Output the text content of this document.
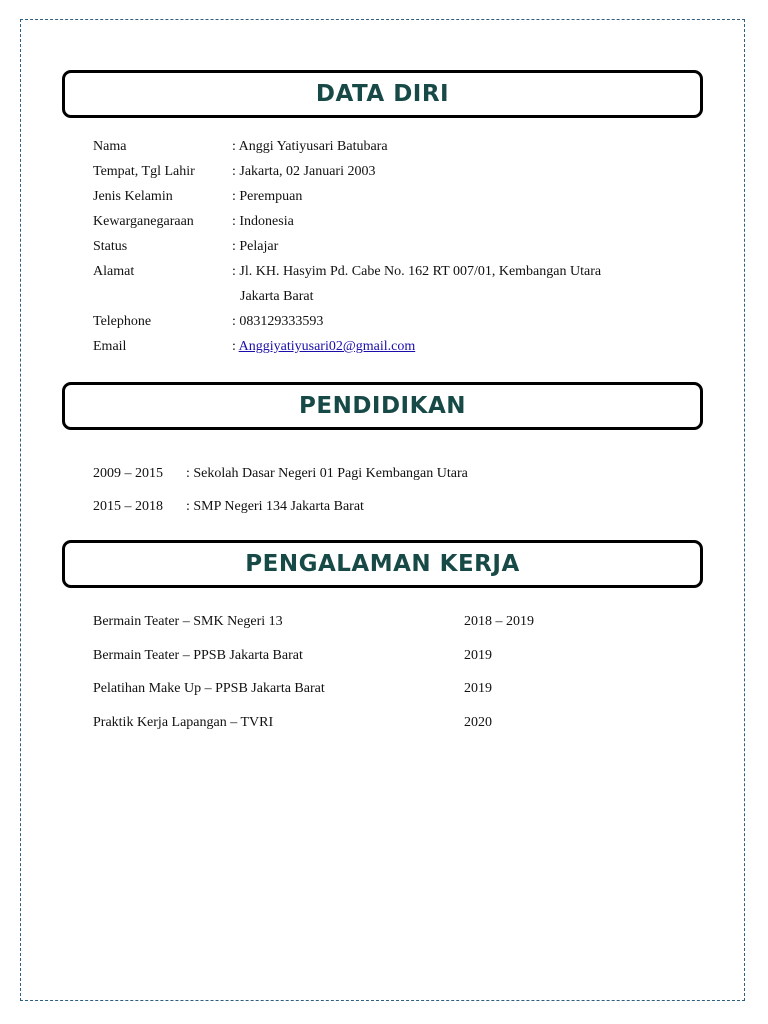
DATA DIRI
Nama	: Anggi Yatiyusari Batubara
Tempat, Tgl Lahir	: Jakarta, 02 Januari 2003
Jenis Kelamin	: Perempuan
Kewarganegaraan	: Indonesia
Status	: Pelajar
Alamat	: Jl. KH. Hasyim Pd. Cabe No. 162 RT 007/01, Kembangan Utara
Jakarta Barat
Telephone	: 083129333593
Email	: Anggiyatiyusari02@gmail.com
PENDIDIKAN
2009 – 2015 : Sekolah Dasar Negeri 01 Pagi Kembangan Utara
2015 – 2018 : SMP Negeri 134 Jakarta Barat
PENGALAMAN KERJA
Bermain Teater – SMK Negeri 13	2018 – 2019
Bermain Teater – PPSB Jakarta Barat	2019
Pelatihan Make Up – PPSB Jakarta Barat	2019
Praktik Kerja Lapangan – TVRI	2020
